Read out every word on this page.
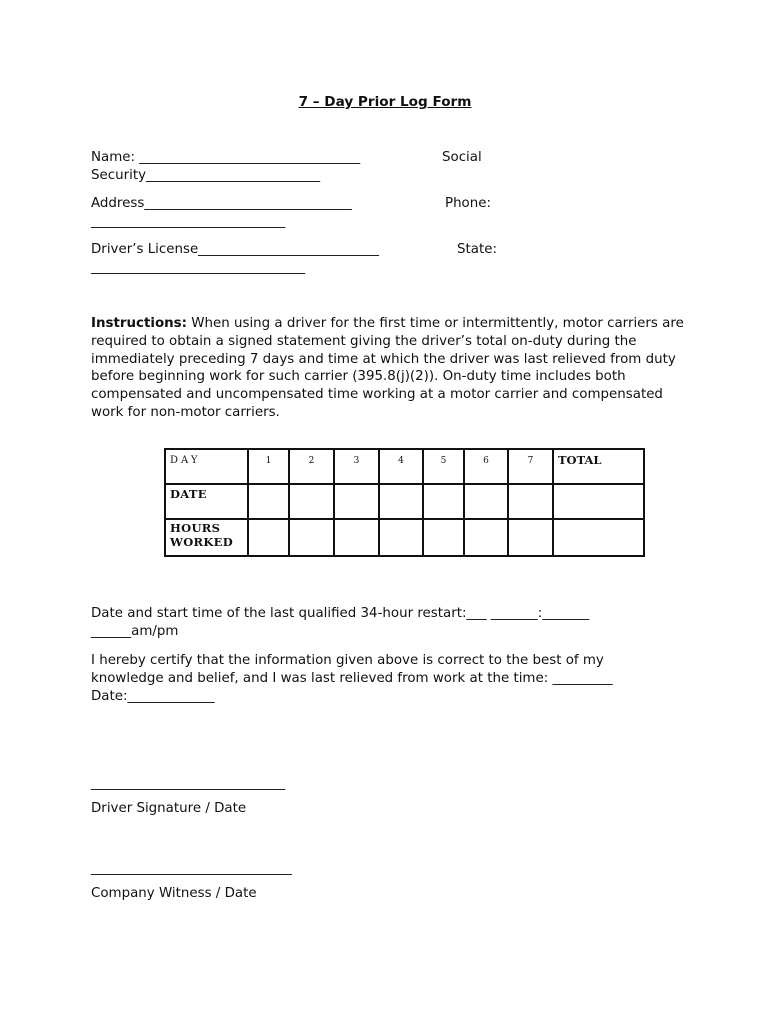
7 – Day Prior Log Form
Name: _________________________________	Social
Security__________________________
Address_______________________________	Phone:
_____________________________
Driver’s License___________________________	State:
________________________________
Instructions: When using a driver for the first time or intermittently, motor carriers are required to obtain a signed statement giving the driver’s total on-duty during the immediately preceding 7 days and time at which the driver was last relieved from duty before beginning work for such carrier (395.8(j)(2)). On-duty time includes both compensated and uncompensated time working at a motor carrier and compensated work for non-motor carriers.
DAY	1	2	3	4	5	6	7	TOTAL
DATE								
HOURS WORKED								
Date and start time of the last qualified 34-hour restart:___ _______:_______
______am/pm
I hereby certify that the information given above is correct to the best of my
knowledge and belief, and I was last relieved from work at the time: _________
Date:_____________
_____________________________
Driver Signature / Date
______________________________
Company Witness / Date
